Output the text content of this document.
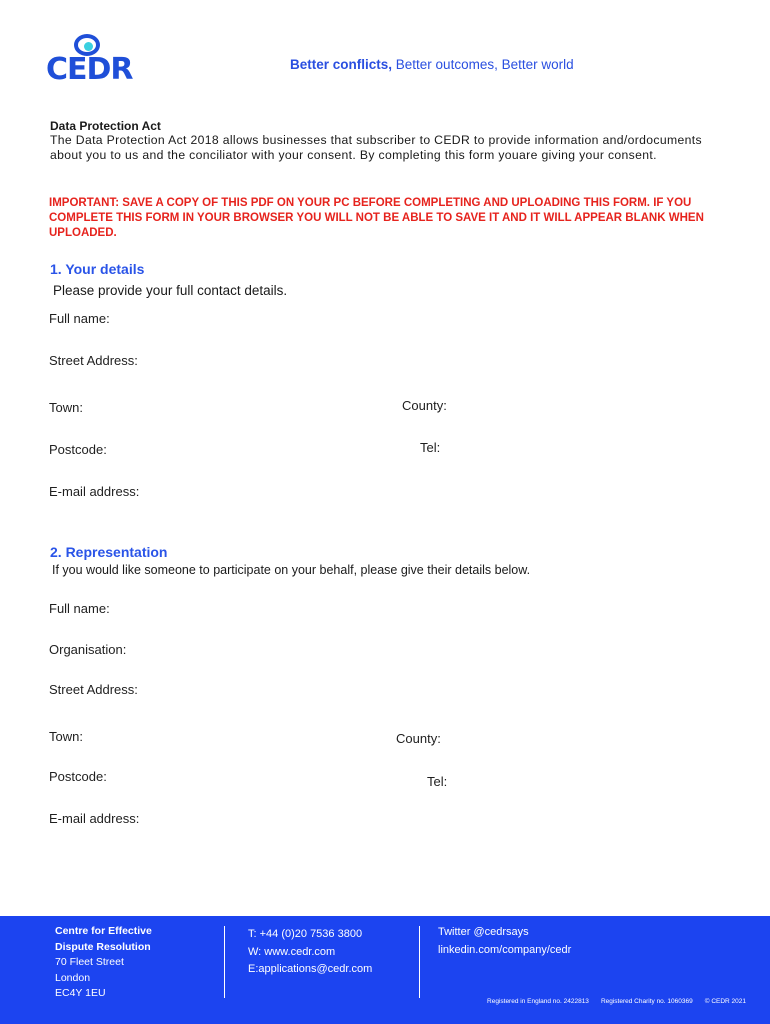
CEDR	Better conflicts, Better outcomes, Better world
Data Protection Act
The Data Protection Act 2018 allows businesses that subscriber to CEDR to provide information and/ordocuments about you to us and the conciliator with your consent. By completing this form youare giving your consent.
IMPORTANT: SAVE A COPY OF THIS PDF ON YOUR PC BEFORE COMPLETING AND UPLOADING THIS FORM. IF YOU COMPLETE THIS FORM IN YOUR BROWSER YOU WILL NOT BE ABLE TO SAVE IT AND IT WILL APPEAR BLANK WHEN UPLOADED.
1. Your details
Please provide your full contact details.
Full name:
Street Address:
Town:	County:
Postcode:	Tel:
E-mail address:
2. Representation
If you would like someone to participate on your behalf, please give their details below.
Full name:
Organisation:
Street Address:
Town:	County:
Postcode:	Tel:
E-mail address:
Centre for Effective
Dispute Resolution
70 Fleet Street
London
EC4Y 1EU
T: +44 (0)20 7536 3800
W: www.cedr.com
E:applications@cedr.com
Twitter @cedrsays
linkedin.com/company/cedr
Registered in England no. 2422813 Registered Charity no. 1060369 © CEDR 2021
